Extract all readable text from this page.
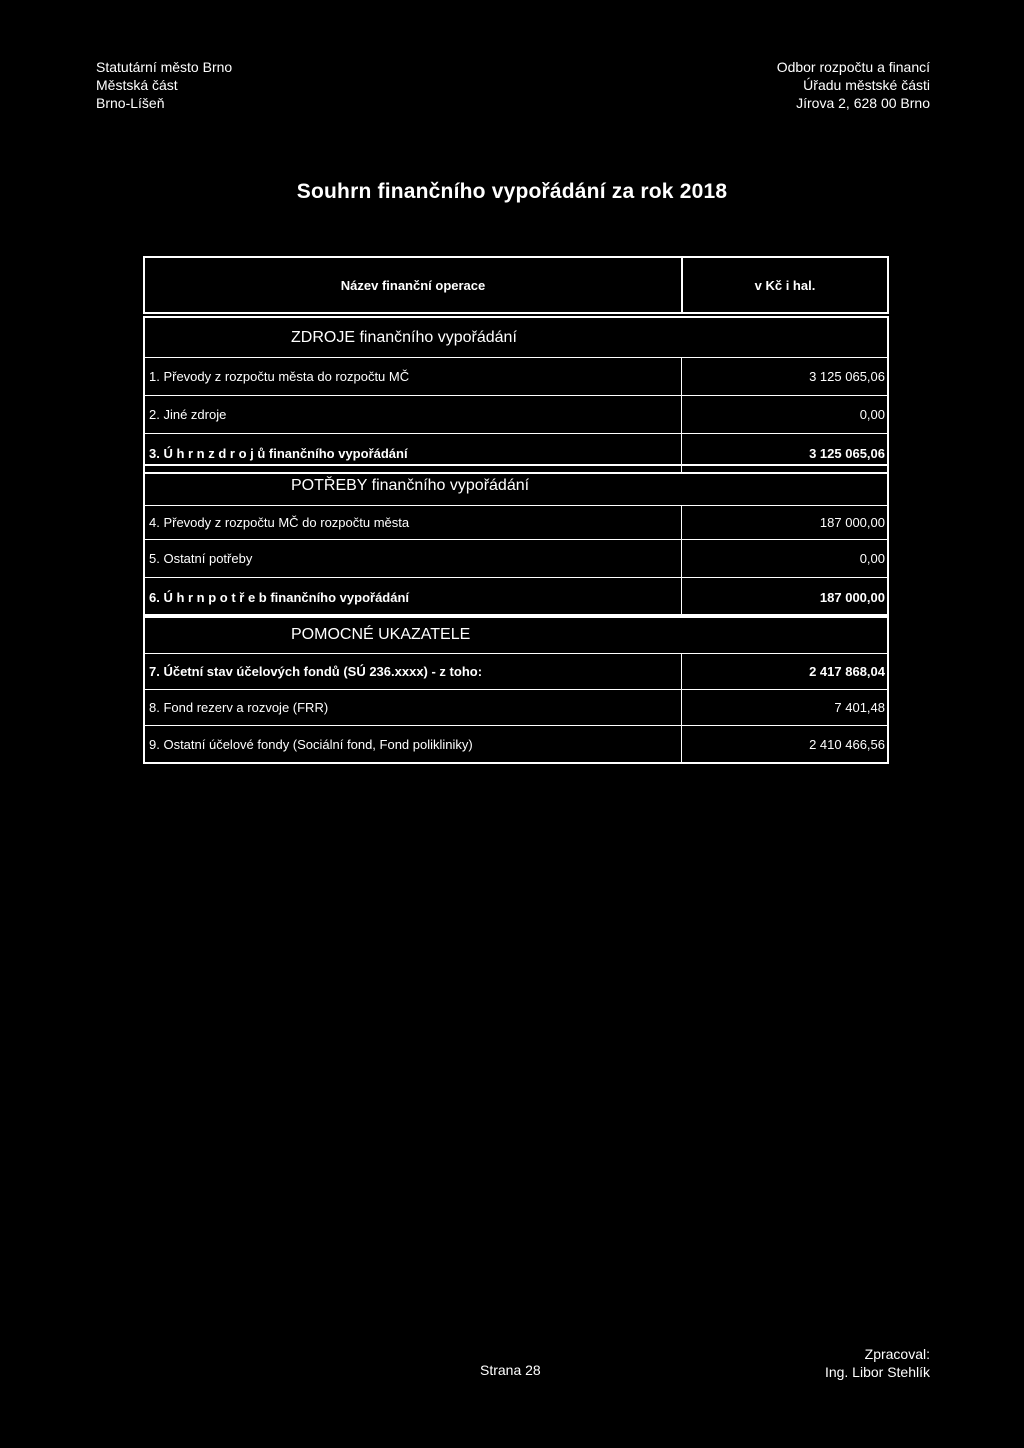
Statutární město Brno
Městská část
Brno-Líšeň
Odbor rozpočtu a financí
Úřadu městské části
Jírova 2, 628 00 Brno
Souhrn finančního vypořádání za rok 2018
Název finanční operace	v Kč i hal.
ZDROJE finančního vypořádání
1. Převody z rozpočtu města do rozpočtu MČ	3 125 065,06
2. Jiné zdroje	0,00
3. Ú h r n z d r o j ů finančního vypořádání	3 125 065,06
POTŘEBY finančního vypořádání
4. Převody z rozpočtu MČ do rozpočtu města	187 000,00
5. Ostatní potřeby	0,00
6. Ú h r n p o t ř e b finančního vypořádání	187 000,00
POMOCNÉ UKAZATELE
7. Účetní stav účelových fondů (SÚ 236.xxxx) - z toho:	2 417 868,04
8. Fond rezerv a rozvoje (FRR)	7 401,48
9. Ostatní účelové fondy (Sociální fond, Fond polikliniky)	2 410 466,56
Strana 28
Zpracoval:
Ing. Libor Stehlík
